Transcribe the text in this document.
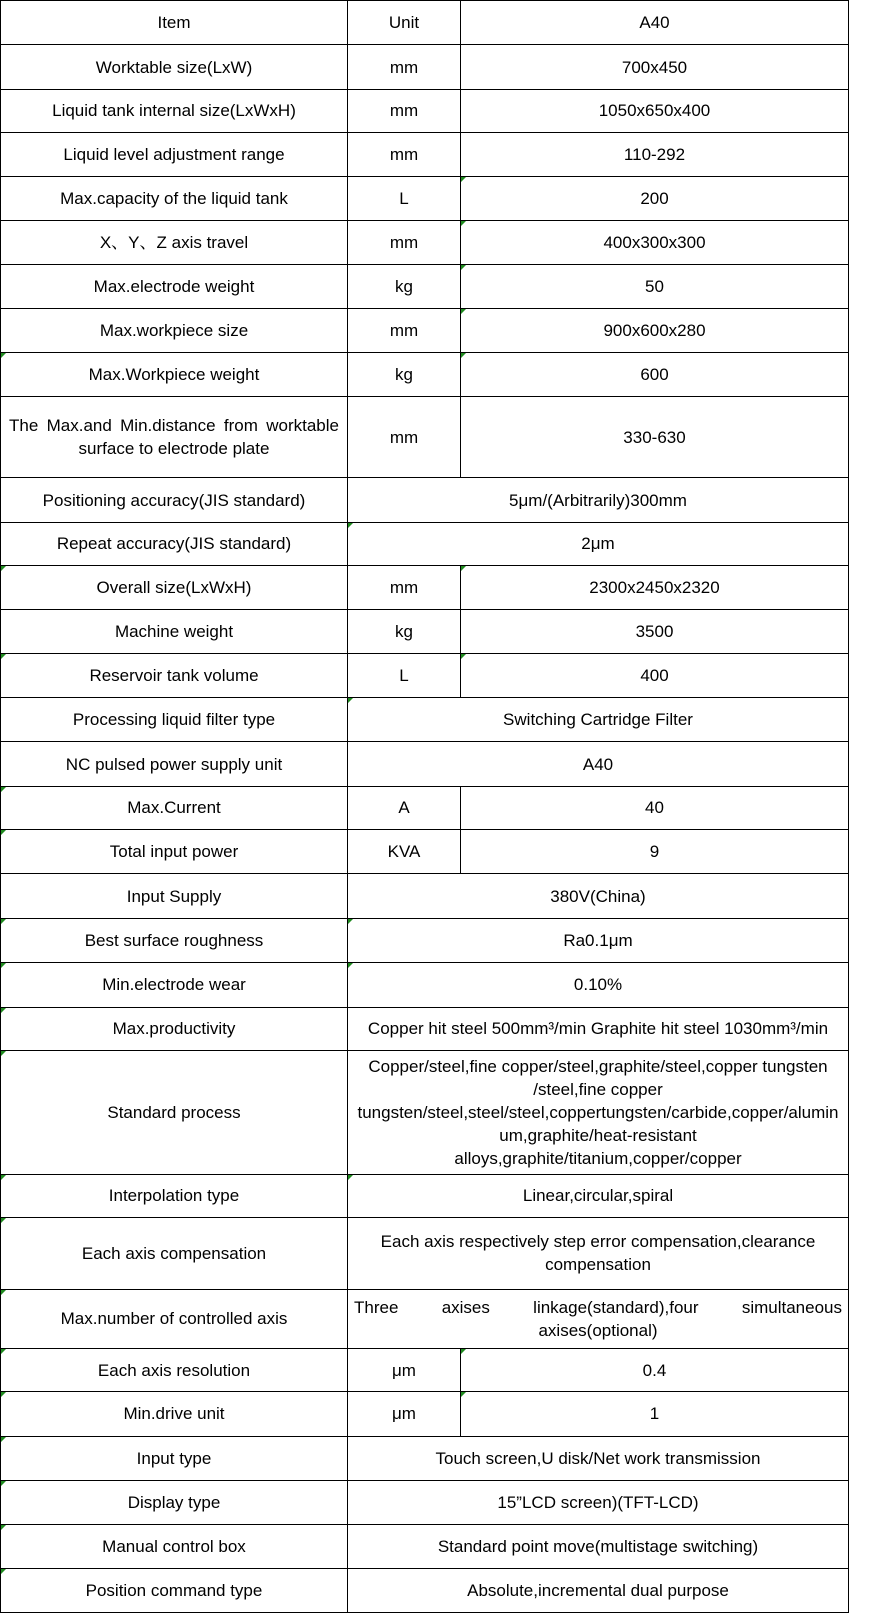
Item	Unit	A40
Worktable size(LxW)	mm	700x450
Liquid tank internal size(LxWxH)	mm	1050x650x400
Liquid level adjustment range	mm	110-292
Max.capacity of the liquid tank	L	200
X、Y、Z axis travel	mm	400x300x300
Max.electrode weight	kg	50
Max.workpiece size	mm	900x600x280

Max.Workpiece weight	kg	600

The Max.and Min.distance from worktable surface to electrode plate	mm	330-630

Positioning accuracy(JIS standard)	5μm/(Arbitrarily)300mm	
Repeat accuracy(JIS standard)	2μm	

Overall size(LxWxH)	mm	2300x2450x2320
Machine weight	kg	3500

Reservoir tank volume	L	400
Processing liquid filter type	Switching Cartridge Filter	
NC pulsed power supply unit	A40	

Max.Current	A	40

Total input power	KVA	9
Input Supply	380V(China)	

Best surface roughness	Ra0.1μm	

Min.electrode wear	0.10%	

Max.productivity	Copper hit steel 500mm³/min Graphite hit steel 1030mm³/min	

Standard process	Copper/steel,fine copper/steel,graphite/steel,copper tungsten /steel,fine copper tungsten/steel,steel/steel,coppertungsten/carbide,copper/aluminum,graphite/heat-resistant alloys,graphite/titanium,copper/copper	

Interpolation type	Linear,circular,spiral	

Each axis compensation	Each axis respectively step error compensation,clearance compensation	

Max.number of controlled axis	Three axises linkage(standard),four simultaneous axises(optional)	

Each axis resolution	μm	0.4

Min.drive unit	μm	1

Input type	Touch screen,U disk/Net work transmission	

Display type	15”LCD screen)(TFT-LCD)	

Manual control box	Standard point move(multistage switching)	

Position command type	Absolute,incremental dual purpose	
